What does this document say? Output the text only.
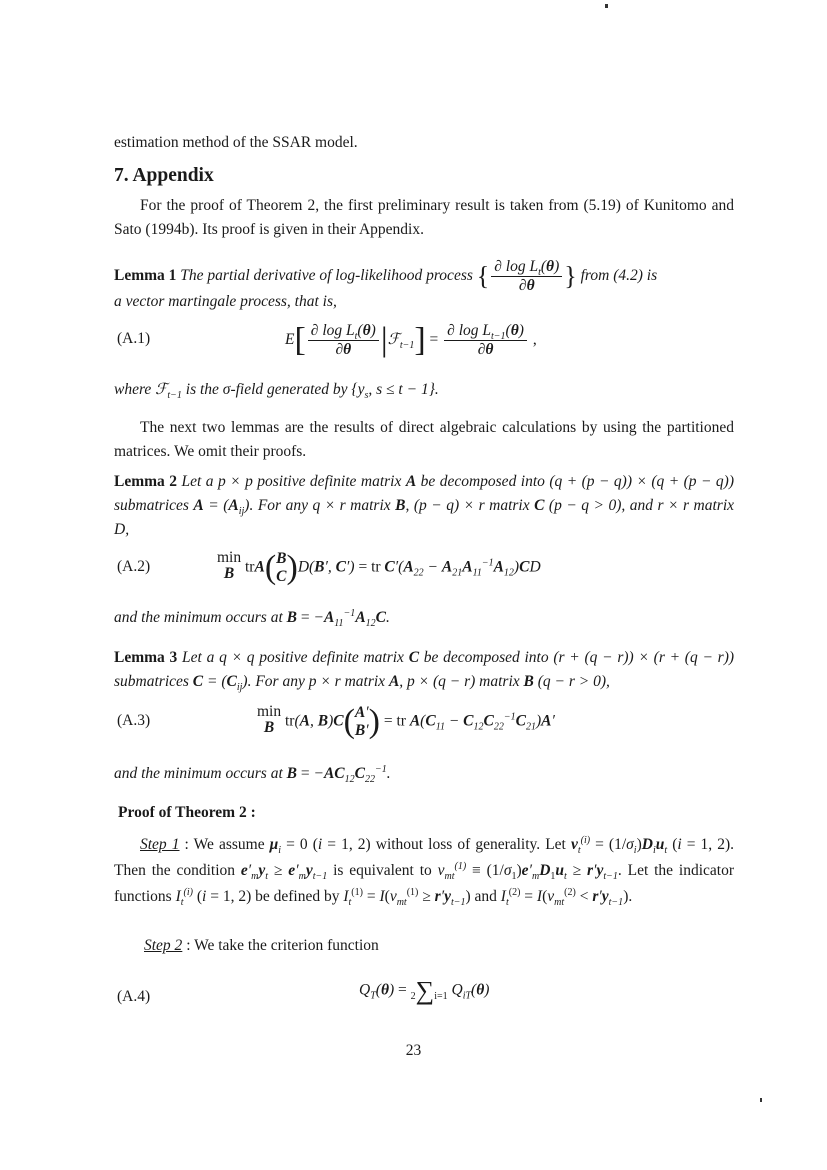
estimation method of the SSAR model.
7. Appendix
For the proof of Theorem 2, the first preliminary result is taken from (5.19) of Kunitomo and Sato (1994b). Its proof is given in their Appendix.
Lemma 1 The partial derivative of log-likelihood process { $\frac{\partial \log L_t(\theta)}{\partial\theta}$ } from (4.2) is
a vector martingale process, that is,
(A.1)	$E[ \frac{\partial \log L_t(\theta)}{\partial\theta}$ |ℱ$_{t-1}$] = $\frac{\partial \log L_{t-1}(\theta)}{\partial\theta}$ ,
where ℱ$_{t-1}$ is the σ-field generated by {$y_s$, s ≤ t − 1}.
The next two lemmas are the results of direct algebraic calculations by using the partitioned matrices. We omit their proofs.
Lemma 2 Let a p × p positive definite matrix A be decomposed into (q + (p − q)) × (q + (p − q)) submatrices $A = (A_{ij})$. For any q × r matrix B, (p − q) × r matrix C (p − q > 0), and r × r matrix D,
(A.2)
min
B trA( B
C )D(B′, C′) = tr $C'(A_{22} - A_{21}A_{11}^{-1}A_{12})CD$
and the minimum occurs at $B = -A_{11}^{-1}A_{12}C$.
Lemma 3 Let a q × q positive definite matrix C be decomposed into (r + (q − r)) × (r + (q − r)) submatrices $C = (C_{ij})$. For any p × r matrix A, p × (q − r) matrix B (q − r > 0),
(A.3)
min
B tr(A, B)C( A′
B′ ) = tr $A(C_{11} - C_{12}C_{22}^{-1}C_{21})A'$
and the minimum occurs at $B = -AC_{12}C_{22}^{-1}$.
Proof of Theorem 2 :
Step 1 : We assume $\mu_i = 0$ (i = 1, 2) without loss of generality. Let $v_t^{(i)} = (1/\sigma_i)D_iu_t$ (i = 1, 2). Then the condition $e'_my_t \ge e'_my_{t-1}$ is equivalent to $v_{mt}^{(1)} \equiv (1/\sigma_1)e'_mD_1u_t \ge r'y_{t-1}$. Let the indicator functions $I_t^{(i)}$ (i = 1, 2) be defined by $I_t^{(1)} = I(v_{mt}^{(1)} \ge r'y_{t-1})$ and $I_t^{(2)} = I(v_{mt}^{(2)} < r'y_{t-1})$.
Step 2 : We take the criterion function
(A.4)	$Q_T(\theta) = 2\sum i=1$ $Q_{iT}(\theta)$
23
